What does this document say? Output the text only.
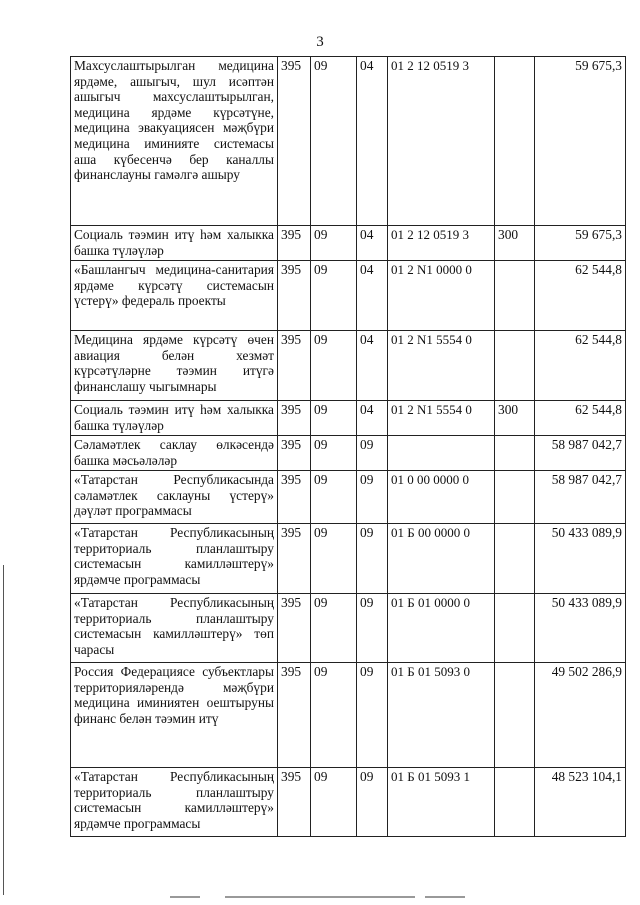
3
Махсуслаштырылган медицина ярдәме, ашыгыч, шул исәптән ашыгыч махсуслаштырылган, медицина ярдәме күрсәтүне, медицина эвакуациясен мәҗбүри медицина иминияте системасы аша күбесенчә бер каналлы финанслауны гамәлгә ашыру	395	09	04	01 2 12 0519 3		59 675,3
Социаль тәэмин итү һәм халыкка башка түләүләр	395	09	04	01 2 12 0519 3	300	59 675,3
«Башлангыч медицина-санитария ярдәме күрсәтү системасын үстерү» федераль проекты	395	09	04	01 2 N1 0000 0		62 544,8
Медицина ярдәме күрсәтү өчен авиация белән хезмәт күрсәтүләрне тәэмин итүгә финанслашу чыгымнары	395	09	04	01 2 N1 5554 0		62 544,8
Социаль тәэмин итү һәм халыкка башка түләүләр	395	09	04	01 2 N1 5554 0	300	62 544,8
Сәламәтлек саклау өлкәсендә башка мәсьәләләр	395	09	09			58 987 042,7
«Татарстан Республикасында сәламәтлек саклауны үстерү» дәүләт программасы	395	09	09	01 0 00 0000 0		58 987 042,7
«Татарстан Республикасының территориаль планлаштыру системасын камилләштерү» ярдәмче программасы	395	09	09	01 Б 00 0000 0		50 433 089,9
«Татарстан Республикасының территориаль планлаштыру системасын камилләштерү» төп чарасы	395	09	09	01 Б 01 0000 0		50 433 089,9
Россия Федерациясе субъектлары территорияләрендә мәҗбүри медицина иминиятен оештыруны финанс белән тәэмин итү	395	09	09	01 Б 01 5093 0		49 502 286,9
«Татарстан Республикасының территориаль планлаштыру системасын камилләштерү» ярдәмче программасы	395	09	09	01 Б 01 5093 1		48 523 104,1
